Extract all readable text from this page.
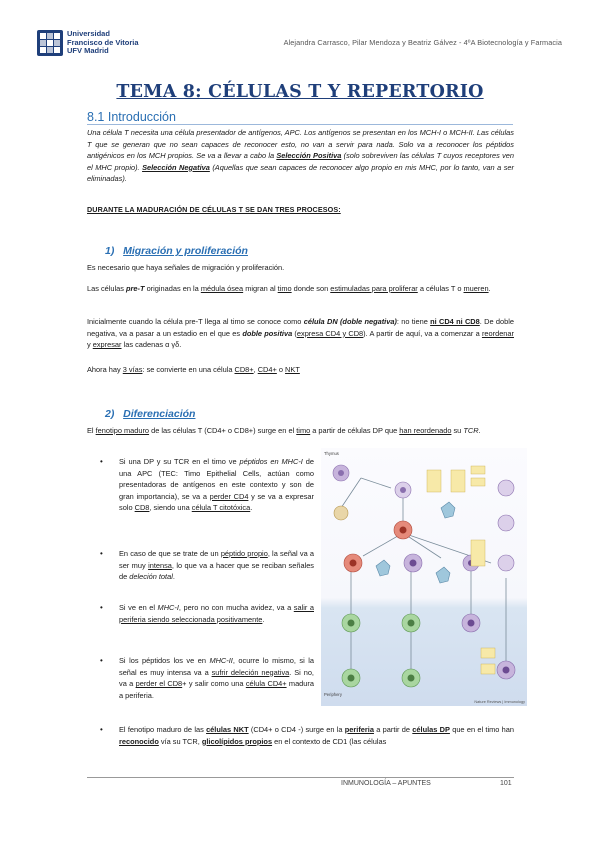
Universidad
Francisco de Vitoria
UFV Madrid
Alejandra Carrasco, Pilar Mendoza y Beatriz Gálvez - 4ºA Biotecnología y Farmacia
TEMA 8: CÉLULAS T Y REPERTORIO
8.1 Introducción
Una célula T necesita una célula presentador de antígenos, APC. Los antígenos se presentan en los MCH-I o MCH-II. Las células T que se generan que no sean capaces de reconocer esto, no van a servir para nada. Solo va a reconocer los péptidos antigénicos en los MCH propios. Se va a llevar a cabo la Selección Positiva (solo sobreviven las células T cuyos receptores ven el MHC propio). Selección Negativa (Aquellas que sean capaces de reconocer algo propio en mis MHC, por lo tanto, van a ser eliminadas).
DURANTE LA MADURACIÓN DE CÉLULAS T SE DAN TRES PROCESOS:
1) Migración y proliferación
Es necesario que haya señales de migración y proliferación.
Las células pre-T originadas en la médula ósea migran al timo donde son estimuladas para proliferar a células T o mueren.
Inicialmente cuando la célula pre-T llega al timo se conoce como célula DN (doble negativa): no tiene ni CD4 ni CD8. De doble negativa, va a pasar a un estadio en el que es doble positiva (expresa CD4 y CD8). A partir de aquí, va a comenzar a reordenar y expresar las cadenas α γδ.
Ahora hay 3 vías: se convierte en una célula CD8+, CD4+ o NKT
2) Diferenciación
El fenotipo maduro de las células T (CD4+ o CD8+) surge en el timo a partir de células DP que han reordenado su TCR.
• Si una DP y su TCR en el timo ve péptidos en MHC-I de una APC (TEC: Timo Epithelial Cells, actúan como presentadoras de antígenos en este contexto y son de gran importancia), se va a perder CD4 y se va a expresar solo CD8, siendo una célula T citotóxica.
• En caso de que se trate de un péptido propio, la señal va a ser muy intensa, lo que va a hacer que se reciban señales de deleción total.
• Si ve en el MHC-I, pero no con mucha avidez, va a salir a periferia siendo seleccionada positivamente.
• Si los péptidos los ve en MHC-II, ocurre lo mismo, si la señal es muy intensa va a sufrir deleción negativa. Si no, va a perder el CD8+ y salir como una célula CD4+ madura a periferia.
Thymus
Periphery
Nature Reviews | Immunology
• El fenotipo maduro de las células NKT (CD4+ o CD4 -) surge en la periferia a partir de células DP que en el timo han reconocido vía su TCR, glicolípidos propios en el contexto de CD1 (las células
INMUNOLOGÍA – APUNTES	101
